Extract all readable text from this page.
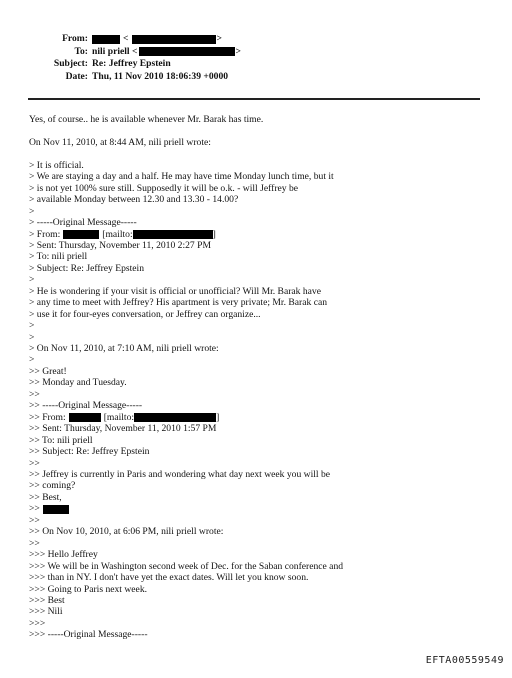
From:	<	>
To: nili priell <	>
Subject: Re: Jeffrey Epstein
Date: Thu, 11 Nov 2010 18:06:39 +0000
Yes, of course.. he is available whenever Mr. Barak has time.
On Nov 11, 2010, at 8:44 AM, nili priell wrote:
> It is official.
> We are staying a day and a half. He may have time Monday lunch time, but it
> is not yet 100% sure still. Supposedly it will be o.k. - will Jeffrey be
> available Monday between 12.30 and 13.30 - 14.00?
>
> -----Original Message-----
> From:	[mailto:	]
> Sent: Thursday, November 11, 2010 2:27 PM
> To: nili priell
> Subject: Re: Jeffrey Epstein
>
> He is wondering if your visit is official or unofficial? Will Mr. Barak have
> any time to meet with Jeffrey? His apartment is very private; Mr. Barak can
> use it for four-eyes conversation, or Jeffrey can organize...
>
>
> On Nov 11, 2010, at 7:10 AM, nili priell wrote:
>
>> Great!
>> Monday and Tuesday.
>>
>> -----Original Message-----
>> From:	[mailto:	]
>> Sent: Thursday, November 11, 2010 1:57 PM
>> To: nili priell
>> Subject: Re: Jeffrey Epstein
>>
>> Jeffrey is currently in Paris and wondering what day next week you will be
>> coming?
>> Best,
>>
>>
>> On Nov 10, 2010, at 6:06 PM, nili priell wrote:
>>
>>> Hello Jeffrey
>>> We will be in Washington second week of Dec. for the Saban conference and
>>> than in NY. I don't have yet the exact dates. Will let you know soon.
>>> Going to Paris next week.
>>> Best
>>> Nili
>>>
>>> -----Original Message-----
EFTA00559549
